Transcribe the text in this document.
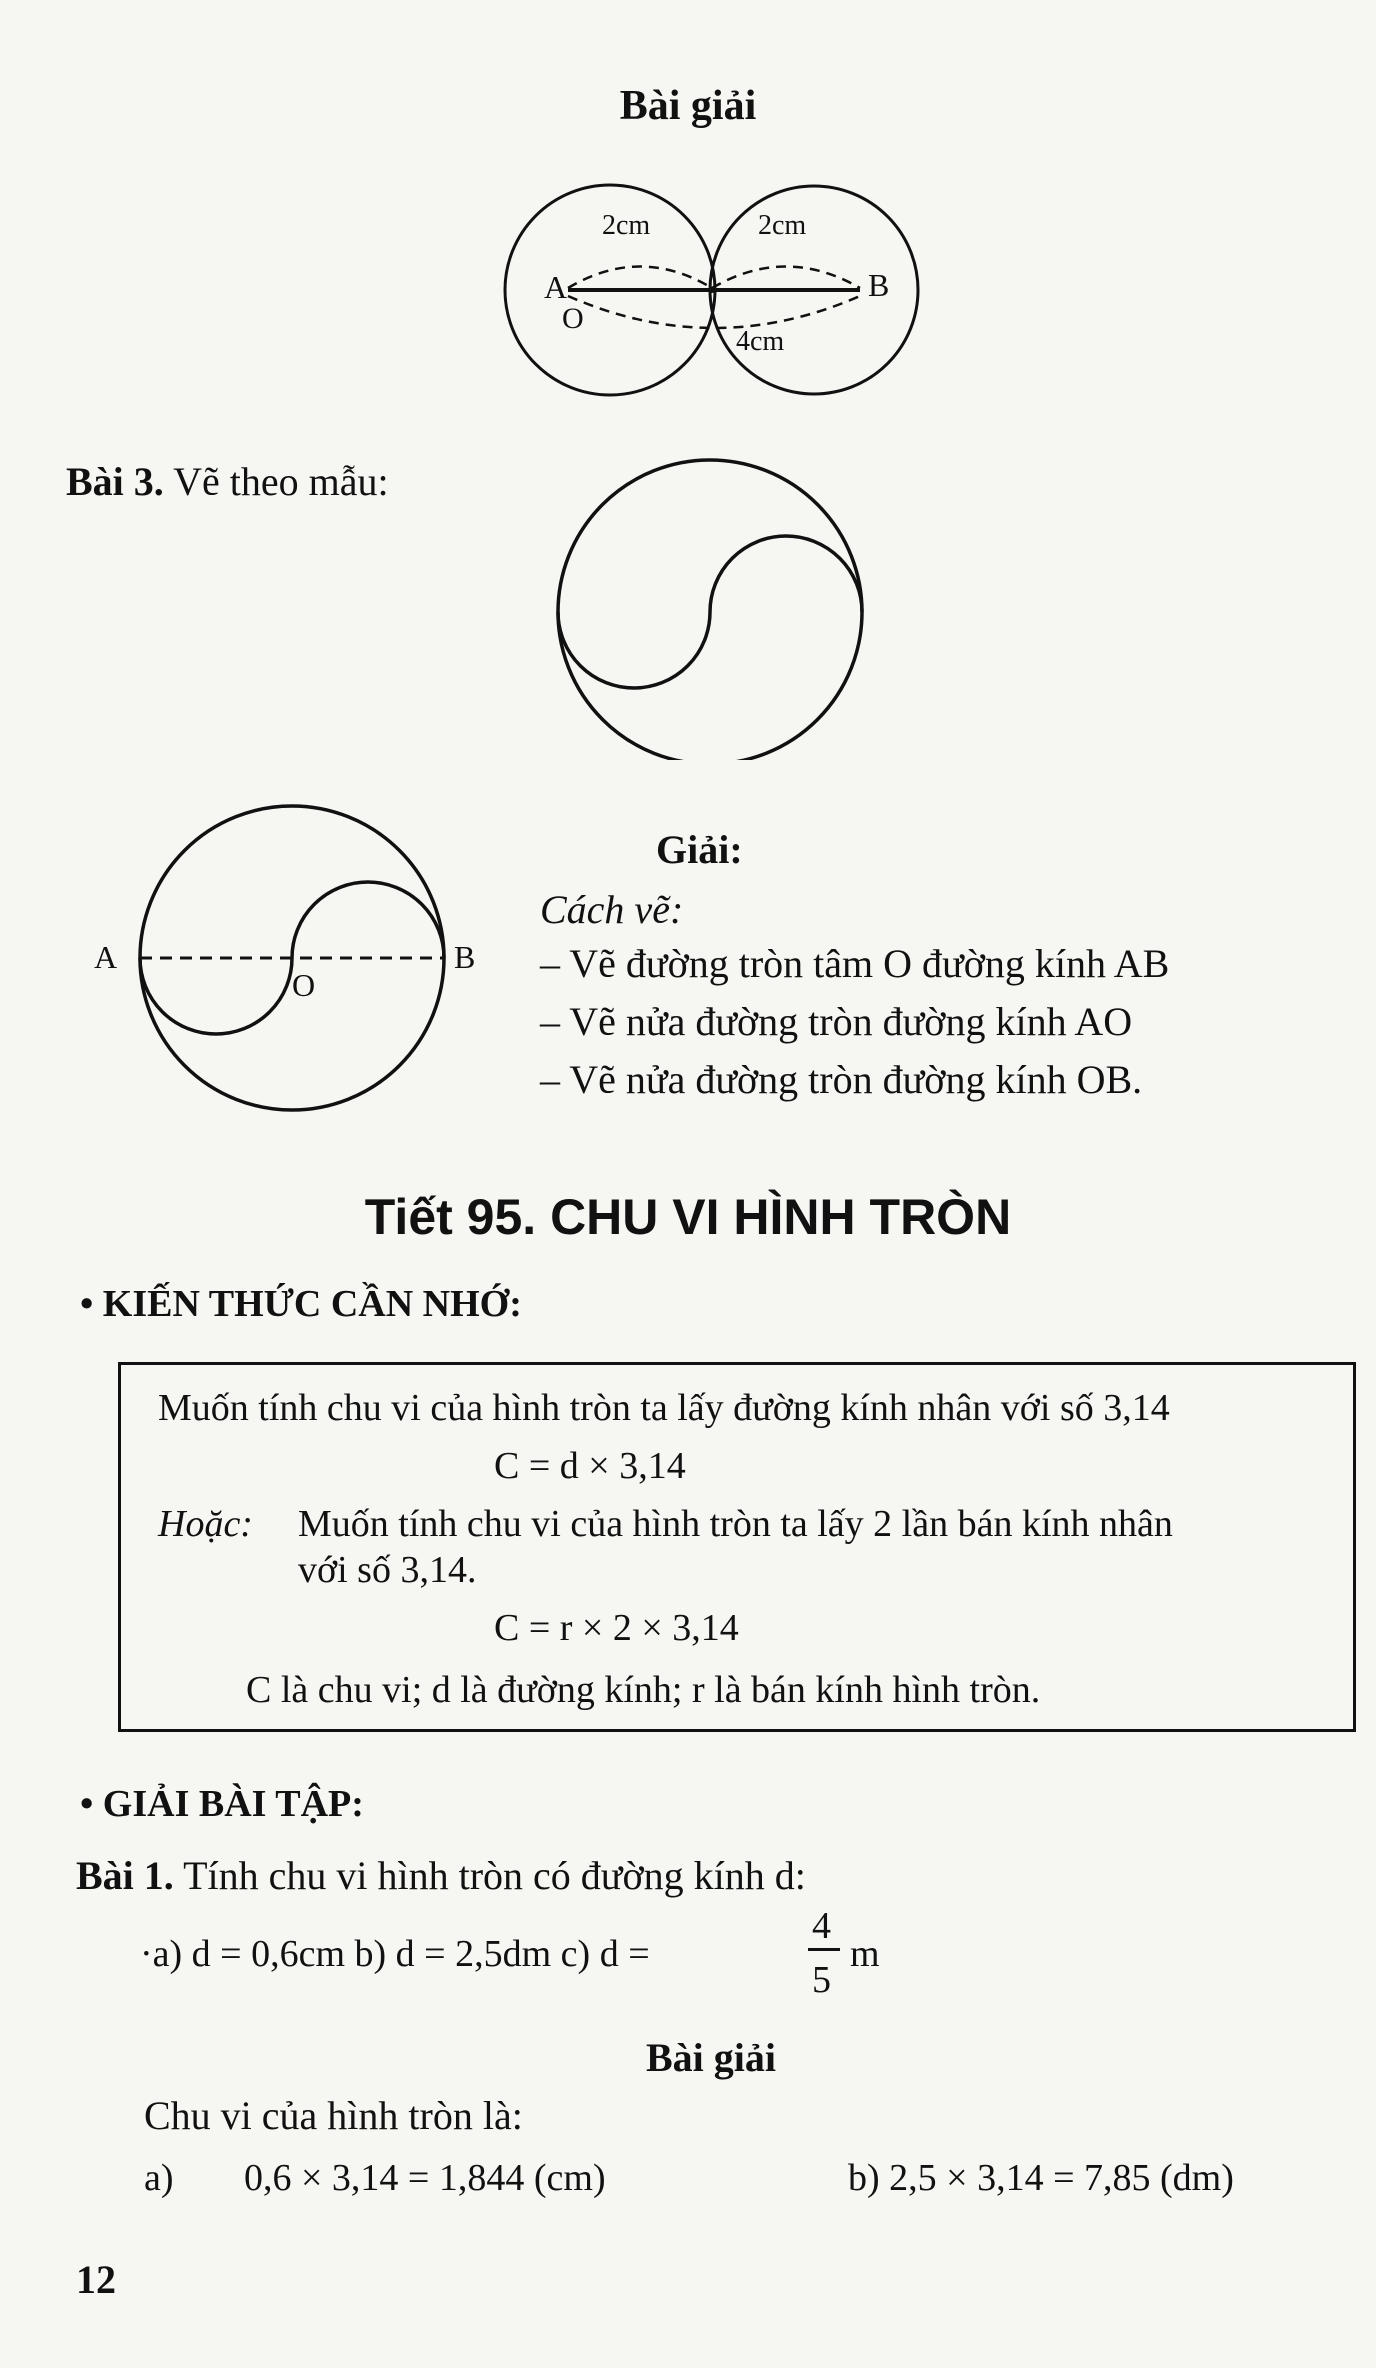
Bài giải
2cm	2cm
A
O
B
4cm
Bài 3. Vẽ theo mẫu:
A
O
B
Giải:
Cách vẽ:
– Vẽ đường tròn tâm O đường kính AB
– Vẽ nửa đường tròn đường kính AO
– Vẽ nửa đường tròn đường kính OB.
Tiết 95. CHU VI HÌNH TRÒN
• KIẾN THỨC CẦN NHỚ:
Muốn tính chu vi của hình tròn ta lấy đường kính nhân với số 3,14
C = d × 3,14
Hoặc: Muốn tính chu vi của hình tròn ta lấy 2 lần bán kính nhân
với số 3,14.
C = r × 2 × 3,14
C là chu vi; d là đường kính; r là bán kính hình tròn.
• GIẢI BÀI TẬP:
Bài 1. Tính chu vi hình tròn có đường kính d:
·a) d = 0,6cm b) d = 2,5dm c) d =
4
5
m
Bài giải
Chu vi của hình tròn là:
a) 0,6 × 3,14 = 1,844 (cm)	b) 2,5 × 3,14 = 7,85 (dm)
12
